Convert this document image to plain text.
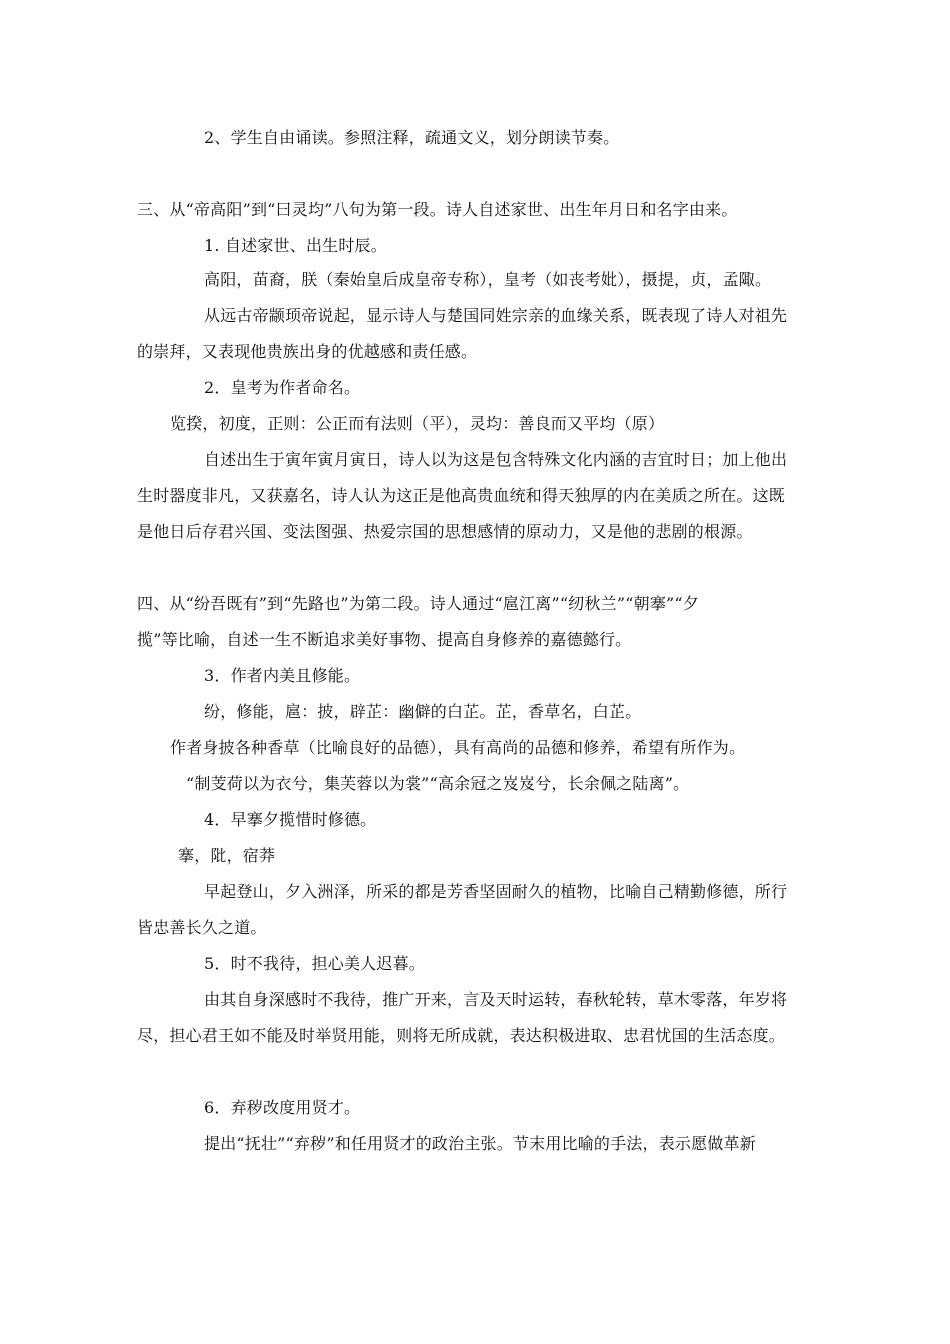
2、学生自由诵读。参照注释，疏通文义，划分朗读节奏。
三、从“帝高阳”到“曰灵均”八句为第一段。诗人自述家世、出生年月日和名字由来。
1. 自述家世、出生时辰。
高阳，苗裔，朕（秦始皇后成皇帝专称），皇考（如丧考妣），摄提，贞，孟陬。
从远古帝颛顼帝说起，显示诗人与楚国同姓宗亲的血缘关系，既表现了诗人对祖先
的崇拜，又表现他贵族出身的优越感和责任感。
2．皇考为作者命名。
览揆，初度，正则：公正而有法则（平），灵均：善良而又平均（原）
自述出生于寅年寅月寅日，诗人以为这是包含特殊文化内涵的吉宜时日；加上他出
生时器度非凡，又获嘉名，诗人认为这正是他高贵血统和得天独厚的内在美质之所在。这既
是他日后存君兴国、变法图强、热爱宗国的思想感情的原动力，又是他的悲剧的根源。
四、从“纷吾既有”到“先路也”为第二段。诗人通过“扈江离”“纫秋兰”“朝搴”“夕
揽”等比喻，自述一生不断追求美好事物、提高自身修养的嘉德懿行。
3．作者内美且修能。
纷，修能，扈：披，辟芷：幽僻的白芷。芷，香草名，白芷。
作者身披各种香草（比喻良好的品德），具有高尚的品德和修养，希望有所作为。
“制芰荷以为衣兮，集芙蓉以为裳”“高余冠之岌岌兮，长余佩之陆离”。
4．早搴夕揽惜时修德。
搴，阰，宿莽
早起登山，夕入洲泽，所采的都是芳香坚固耐久的植物，比喻自己精勤修德，所行
皆忠善长久之道。
5．时不我待，担心美人迟暮。
由其自身深感时不我待，推广开来，言及天时运转，春秋轮转，草木零落，年岁将
尽，担心君王如不能及时举贤用能，则将无所成就，表达积极进取、忠君忧国的生活态度。
6．弃秽改度用贤才。
提出“抚壮”“弃秽”和任用贤才的政治主张。节末用比喻的手法，表示愿做革新
